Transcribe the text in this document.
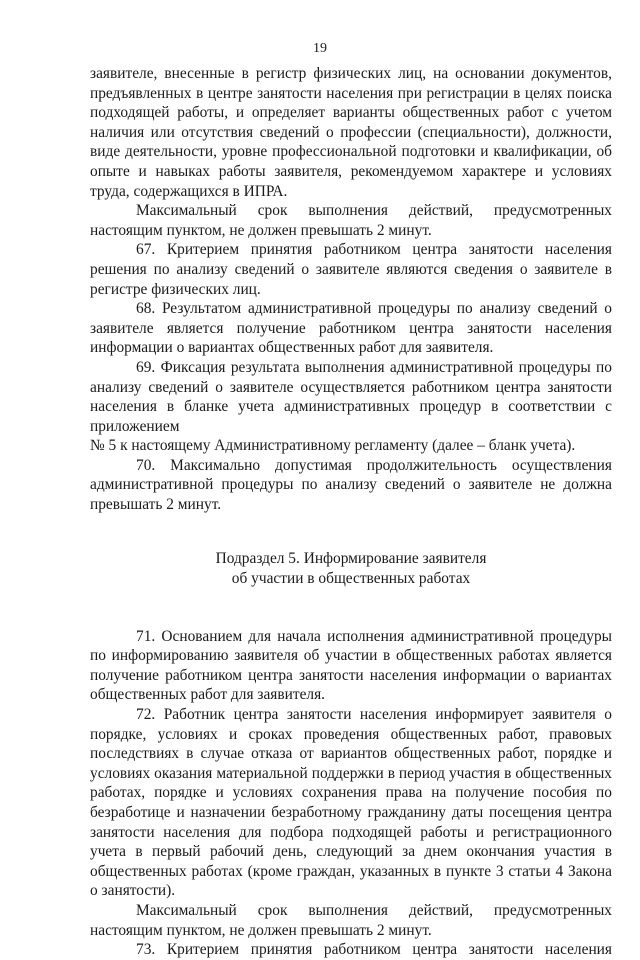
19

заявителе, внесенные в регистр физических лиц, на основании документов, предъявленных в центре занятости населения при регистрации в целях поиска подходящей работы, и определяет варианты общественных работ с учетом наличия или отсутствия сведений о профессии (специальности), должности, виде деятельности, уровне профессиональной подготовки и квалификации, об опыте и навыках работы заявителя, рекомендуемом характере и условиях труда, содержащихся в ИПРА.

Максимальный срок выполнения действий, предусмотренных настоящим пунктом, не должен превышать 2 минут.

67. Критерием принятия работником центра занятости населения решения по анализу сведений о заявителе являются сведения о заявителе в регистре физических лиц.

68. Результатом административной процедуры по анализу сведений о заявителе является получение работником центра занятости населения информации о вариантах общественных работ для заявителя.

69. Фиксация результата выполнения административной процедуры по анализу сведений о заявителе осуществляется работником центра занятости населения в бланке учета административных процедур в соответствии с приложением

№ 5 к настоящему Административному регламенту (далее – бланк учета).

70. Максимально допустимая продолжительность осуществления административной процедуры по анализу сведений о заявителе не должна превышать 2 минут.

Подраздел 5. Информирование заявителя
об участии в общественных работах

71. Основанием для начала исполнения административной процедуры по информированию заявителя об участии в общественных работах является получение работником центра занятости населения информации о вариантах общественных работ для заявителя.

72. Работник центра занятости населения информирует заявителя о порядке, условиях и сроках проведения общественных работ, правовых последствиях в случае отказа от вариантов общественных работ, порядке и условиях оказания материальной поддержки в период участия в общественных работах, порядке и условиях сохранения права на получение пособия по безработице и назначении безработному гражданину даты посещения центра занятости населения для подбора подходящей работы и регистрационного учета в первый рабочий день, следующий за днем окончания участия в общественных работах (кроме граждан, указанных в пункте 3 статьи 4 Закона о занятости).

Максимальный срок выполнения действий, предусмотренных настоящим пунктом, не должен превышать 2 минут.

73. Критерием принятия работником центра занятости населения
